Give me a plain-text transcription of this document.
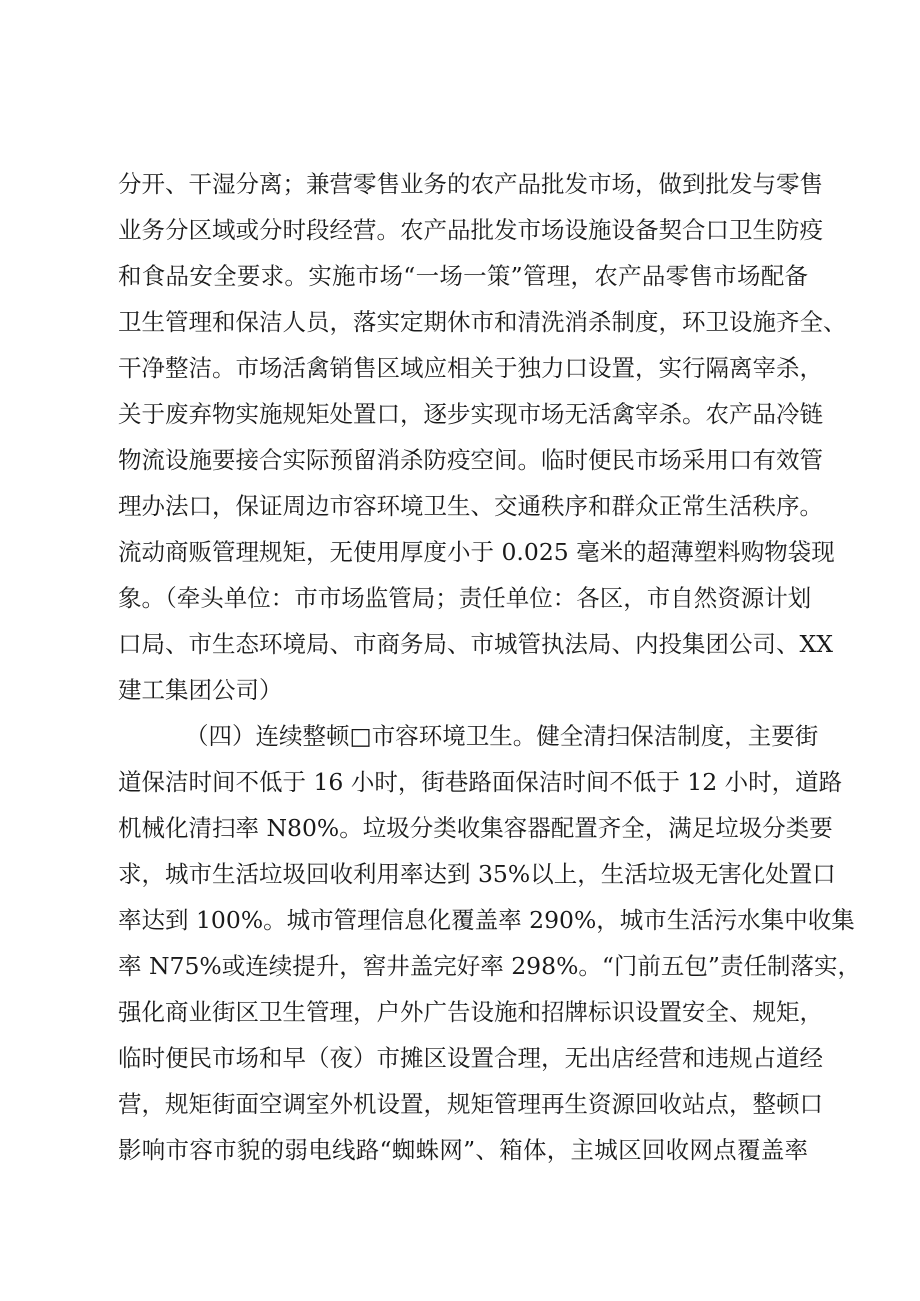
分开、干湿分离；兼营零售业务的农产品批发市场，做到批发与零售
业务分区域或分时段经营。农产品批发市场设施设备契合口卫生防疫
和食品安全要求。实施市场“一场一策”管理，农产品零售市场配备
卫生管理和保洁人员，落实定期休市和清洗消杀制度，环卫设施齐全、
干净整洁。市场活禽销售区域应相关于独力口设置，实行隔离宰杀，
关于废弃物实施规矩处置口，逐步实现市场无活禽宰杀。农产品冷链
物流设施要接合实际预留消杀防疫空间。临时便民市场采用口有效管
理办法口，保证周边市容环境卫生、交通秩序和群众正常生活秩序。
流动商贩管理规矩，无使用厚度小于 0.025 毫米的超薄塑料购物袋现
象。（牵头单位：市市场监管局；责任单位：各区，市自然资源计划
口局、市生态环境局、市商务局、市城管执法局、内投集团公司、XX
建工集团公司）
（四）连续整顿□市容环境卫生。健全清扫保洁制度，主要街
道保洁时间不低于 16 小时，街巷路面保洁时间不低于 12 小时，道路
机械化清扫率 N80%。垃圾分类收集容器配置齐全，满足垃圾分类要
求，城市生活垃圾回收利用率达到 35%以上，生活垃圾无害化处置口
率达到 100%。城市管理信息化覆盖率 290%，城市生活污水集中收集
率 N75%或连续提升，窖井盖完好率 298%。“门前五包”责任制落实，
强化商业街区卫生管理，户外广告设施和招牌标识设置安全、规矩，
临时便民市场和早（夜）市摊区设置合理，无出店经营和违规占道经
营，规矩街面空调室外机设置，规矩管理再生资源回收站点，整顿口
影响市容市貌的弱电线路“蜘蛛网”、箱体，主城区回收网点覆盖率
